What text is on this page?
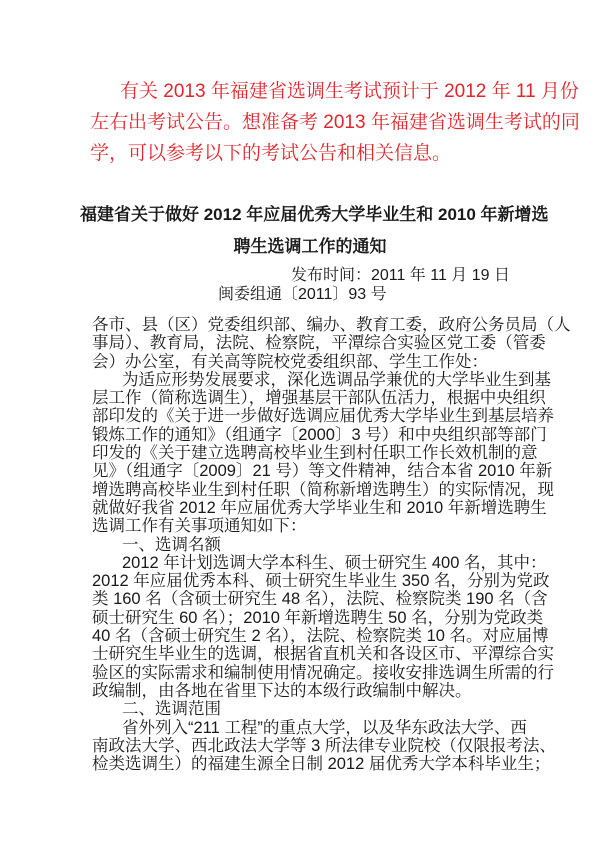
有关 2013 年福建省选调生考试预计于 2012 年 11 月份
左右出考试公告。想准备考 2013 年福建省选调生考试的同
学，可以参考以下的考试公告和相关信息。
福建省关于做好 2012 年应届优秀大学毕业生和 2010 年新增选
聘生选调工作的通知
发布时间：2011 年 11 月 19 日
闽委组通〔2011〕93 号
各市、县（区）党委组织部、编办、教育工委，政府公务员局（人
事局）、教育局，法院、检察院，平潭综合实验区党工委（管委
会）办公室，有关高等院校党委组织部、学生工作处：
为适应形势发展要求，深化选调品学兼优的大学毕业生到基
层工作（简称选调生），增强基层干部队伍活力，根据中央组织
部印发的《关于进一步做好选调应届优秀大学毕业生到基层培养
锻炼工作的通知》（组通字〔2000〕3 号）和中央组织部等部门
印发的《关于建立选聘高校毕业生到村任职工作长效机制的意
见》（组通字〔2009〕21 号）等文件精神，结合本省 2010 年新
增选聘高校毕业生到村任职（简称新增选聘生）的实际情况，现
就做好我省 2012 年应届优秀大学毕业生和 2010 年新增选聘生
选调工作有关事项通知如下：
一、选调名额
2012 年计划选调大学本科生、硕士研究生 400 名，其中：
2012 年应届优秀本科、硕士研究生毕业生 350 名，分别为党政
类 160 名（含硕士研究生 48 名），法院、检察院类 190 名（含
硕士研究生 60 名）；2010 年新增选聘生 50 名，分别为党政类
40 名（含硕士研究生 2 名），法院、检察院类 10 名。对应届博
士研究生毕业生的选调，根据省直机关和各设区市、平潭综合实
验区的实际需求和编制使用情况确定。接收安排选调生所需的行
政编制，由各地在省里下达的本级行政编制中解决。
二、选调范围
省外列入“211 工程”的重点大学，以及华东政法大学、西
南政法大学、西北政法大学等 3 所法律专业院校（仅限报考法、
检类选调生）的福建生源全日制 2012 届优秀大学本科毕业生；
